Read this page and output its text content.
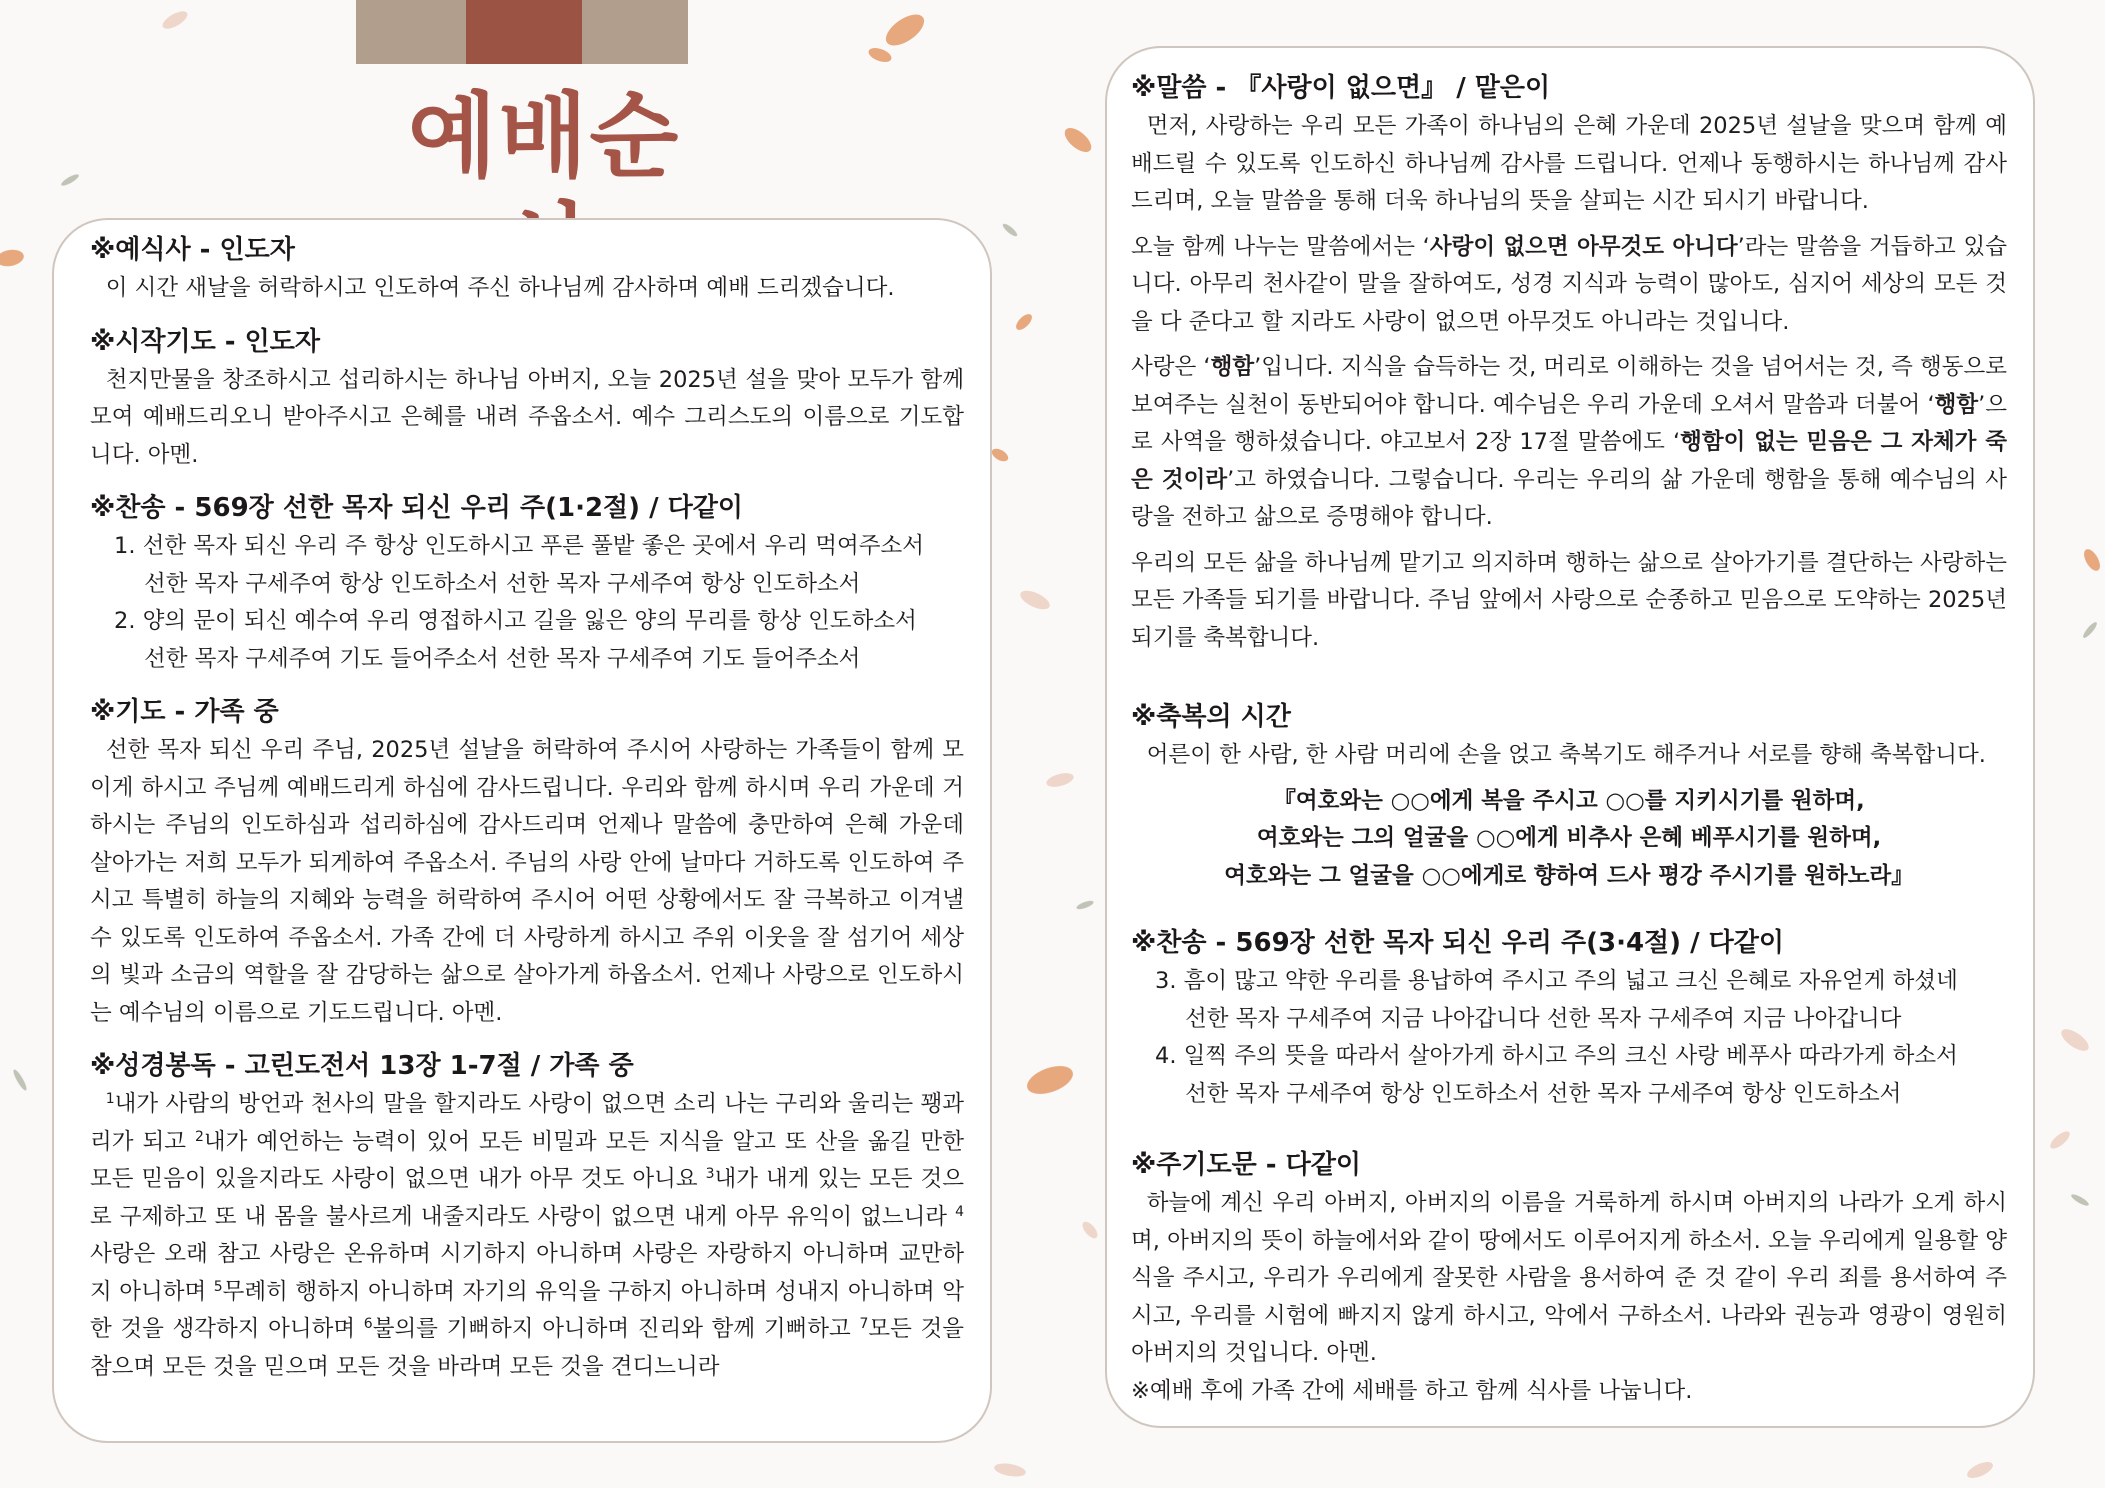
예배순
※예식사 - 인도자

이 시간 새날을 허락하시고 인도하여 주신 하나님께 감사하며 예배 드리겠습니다.

※시작기도 - 인도자

천지만물을 창조하시고 섭리하시는 하나님 아버지, 오늘 2025년 설을 맞아 모두가 함께 모여 예배드리오니 받아주시고 은혜를 내려 주옵소서. 예수 그리스도의 이름으로 기도합니다. 아멘.

※찬송 - 569장 선한 목자 되신 우리 주(1·2절) / 다같이
1. 선한 목자 되신 우리 주 항상 인도하시고 푸른 풀밭 좋은 곳에서 우리 먹여주소서
선한 목자 구세주여 항상 인도하소서 선한 목자 구세주여 항상 인도하소서
2. 양의 문이 되신 예수여 우리 영접하시고 길을 잃은 양의 무리를 항상 인도하소서
선한 목자 구세주여 기도 들어주소서 선한 목자 구세주여 기도 들어주소서
※기도 - 가족 중

선한 목자 되신 우리 주님, 2025년 설날을 허락하여 주시어 사랑하는 가족들이 함께 모이게 하시고 주님께 예배드리게 하심에 감사드립니다. 우리와 함께 하시며 우리 가운데 거하시는 주님의 인도하심과 섭리하심에 감사드리며 언제나 말씀에 충만하여 은혜 가운데 살아가는 저희 모두가 되게하여 주옵소서. 주님의 사랑 안에 날마다 거하도록 인도하여 주시고 특별히 하늘의 지혜와 능력을 허락하여 주시어 어떤 상황에서도 잘 극복하고 이겨낼 수 있도록 인도하여 주옵소서. 가족 간에 더 사랑하게 하시고 주위 이웃을 잘 섬기어 세상의 빛과 소금의 역할을 잘 감당하는 삶으로 살아가게 하옵소서. 언제나 사랑으로 인도하시는 예수님의 이름으로 기도드립니다. 아멘.

※성경봉독 - 고린도전서 13장 1-7절 / 가족 중

$^1$내가 사람의 방언과 천사의 말을 할지라도 사랑이 없으면 소리 나는 구리와 울리는 꽹과리가 되고 $^2$내가 예언하는 능력이 있어 모든 비밀과 모든 지식을 알고 또 산을 옮길 만한 모든 믿음이 있을지라도 사랑이 없으면 내가 아무 것도 아니요 $^3$내가 내게 있는 모든 것으로 구제하고 또 내 몸을 불사르게 내줄지라도 사랑이 없으면 내게 아무 유익이 없느니라 $^4$사랑은 오래 참고 사랑은 온유하며 시기하지 아니하며 사랑은 자랑하지 아니하며 교만하지 아니하며 $^5$무례히 행하지 아니하며 자기의 유익을 구하지 아니하며 성내지 아니하며 악한 것을 생각하지 아니하며 $^6$불의를 기뻐하지 아니하며 진리와 함께 기뻐하고 $^7$모든 것을 참으며 모든 것을 믿으며 모든 것을 바라며 모든 것을 견디느니라

※말씀 - 『사랑이 없으면』 / 맡은이

먼저, 사랑하는 우리 모든 가족이 하나님의 은혜 가운데 2025년 설날을 맞으며 함께 예배드릴 수 있도록 인도하신 하나님께 감사를 드립니다. 언제나 동행하시는 하나님께 감사드리며, 오늘 말씀을 통해 더욱 하나님의 뜻을 살피는 시간 되시기 바랍니다.

오늘 함께 나누는 말씀에서는 ‘사랑이 없으면 아무것도 아니다’라는 말씀을 거듭하고 있습니다. 아무리 천사같이 말을 잘하여도, 성경 지식과 능력이 많아도, 심지어 세상의 모든 것을 다 준다고 할 지라도 사랑이 없으면 아무것도 아니라는 것입니다.

사랑은 ‘행함’입니다. 지식을 습득하는 것, 머리로 이해하는 것을 넘어서는 것, 즉 행동으로 보여주는 실천이 동반되어야 합니다. 예수님은 우리 가운데 오셔서 말씀과 더불어 ‘행함’으로 사역을 행하셨습니다. 야고보서 2장 17절 말씀에도 ‘행함이 없는 믿음은 그 자체가 죽은 것이라’고 하였습니다. 그렇습니다. 우리는 우리의 삶 가운데 행함을 통해 예수님의 사랑을 전하고 삶으로 증명해야 합니다.

우리의 모든 삶을 하나님께 맡기고 의지하며 행하는 삶으로 살아가기를 결단하는 사랑하는 모든 가족들 되기를 바랍니다. 주님 앞에서 사랑으로 순종하고 믿음으로 도약하는 2025년 되기를 축복합니다.

※축복의 시간

어른이 한 사람, 한 사람 머리에 손을 얹고 축복기도 해주거나 서로를 향해 축복합니다.

『여호와는 ○○에게 복을 주시고 ○○를 지키시기를 원하며,
여호와는 그의 얼굴을 ○○에게 비추사 은혜 베푸시기를 원하며,
여호와는 그 얼굴을 ○○에게로 향하여 드사 평강 주시기를 원하노라』
※찬송 - 569장 선한 목자 되신 우리 주(3·4절) / 다같이
3. 흠이 많고 약한 우리를 용납하여 주시고 주의 넓고 크신 은혜로 자유얻게 하셨네
선한 목자 구세주여 지금 나아갑니다 선한 목자 구세주여 지금 나아갑니다
4. 일찍 주의 뜻을 따라서 살아가게 하시고 주의 크신 사랑 베푸사 따라가게 하소서
선한 목자 구세주여 항상 인도하소서 선한 목자 구세주여 항상 인도하소서
※주기도문 - 다같이

하늘에 계신 우리 아버지, 아버지의 이름을 거룩하게 하시며 아버지의 나라가 오게 하시며, 아버지의 뜻이 하늘에서와 같이 땅에서도 이루어지게 하소서. 오늘 우리에게 일용할 양식을 주시고, 우리가 우리에게 잘못한 사람을 용서하여 준 것 같이 우리 죄를 용서하여 주시고, 우리를 시험에 빠지지 않게 하시고, 악에서 구하소서. 나라와 권능과 영광이 영원히 아버지의 것입니다. 아멘.

※예배 후에 가족 간에 세배를 하고 함께 식사를 나눕니다.
